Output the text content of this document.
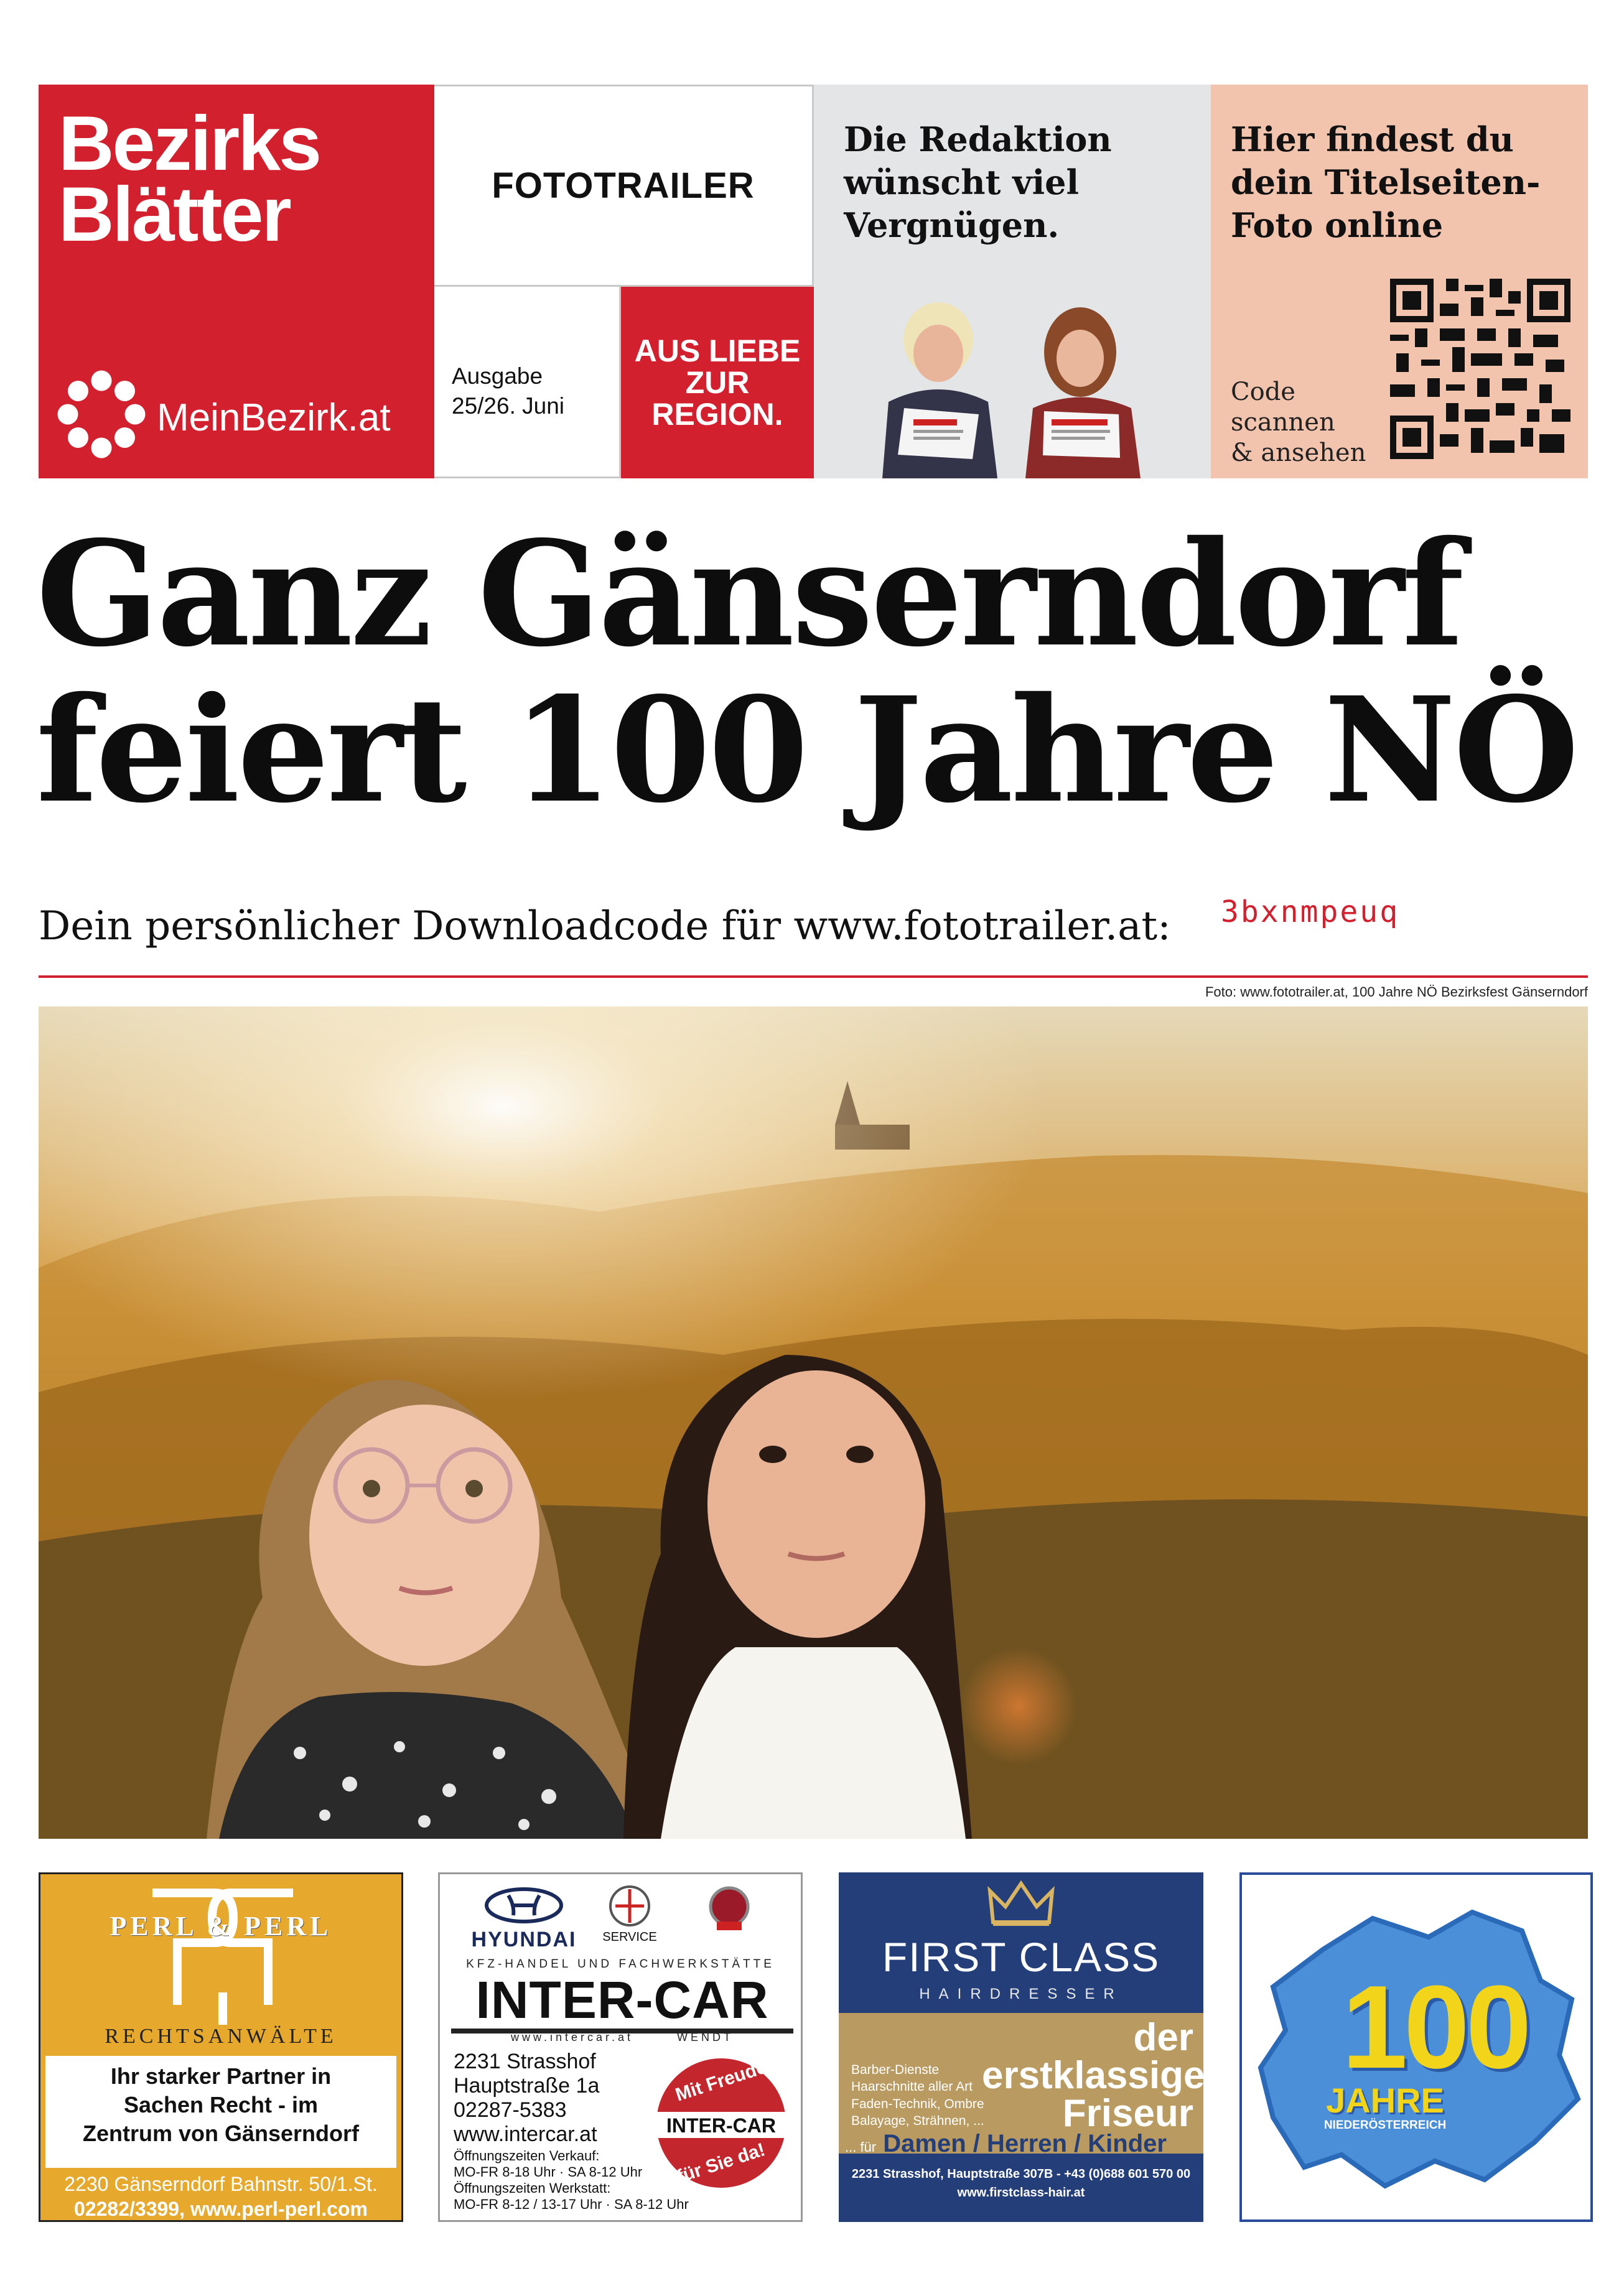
Bezirks
Blätter
MeinBezirk.at
FOTOTRAILER
Ausgabe
25/26. Juni
AUS LIEBE
ZUR
REGION.
Die Redaktion
wünscht viel
Vergnügen.
Hier findest du
dein Titelseiten-
Foto online
Code
scannen
& ansehen
Ganz Gänserndorf
feiert 100 Jahre NÖ
Dein persönlicher Downloadcode für www.fototrailer.at: 3bxnmpeuq
Foto: www.fototrailer.at, 100 Jahre NÖ Bezirksfest Gänserndorf
PERL & PERL
RECHTSANWÄLTE
Ihr starker Partner in
Sachen Recht - im
Zentrum von Gänserndorf
2230 Gänserndorf Bahnstr. 50/1.St.
02282/3399, www.perl-perl.com
HYUNDAI	SERVICE
KFZ-HANDEL UND FACHWERKSTÄTTE
INTER-CAR
www.intercar.at	WENDT
2231 Strasshof
Hauptstraße 1a
02287-5383
www.intercar.at
Öffnungszeiten Verkauf:
MO-FR 8-18 Uhr · SA 8-12 Uhr
Öffnungszeiten Werkstatt:
MO-FR 8-12 / 13-17 Uhr · SA 8-12 Uhr
Mit Freude
INTER-CAR
für Sie da!
FIRST CLASS
HAIRDRESSER
der
erstklassige
Friseur
Barber-Dienste
Haarschnitte aller Art
Faden-Technik, Ombre
Balayage, Strähnen, ...
... für Damen / Herren / Kinder
2231 Strasshof, Hauptstraße 307B - +43 (0)688 601 570 00
www.firstclass-hair.at
100
JAHRE
NIEDERÖSTERREICH
